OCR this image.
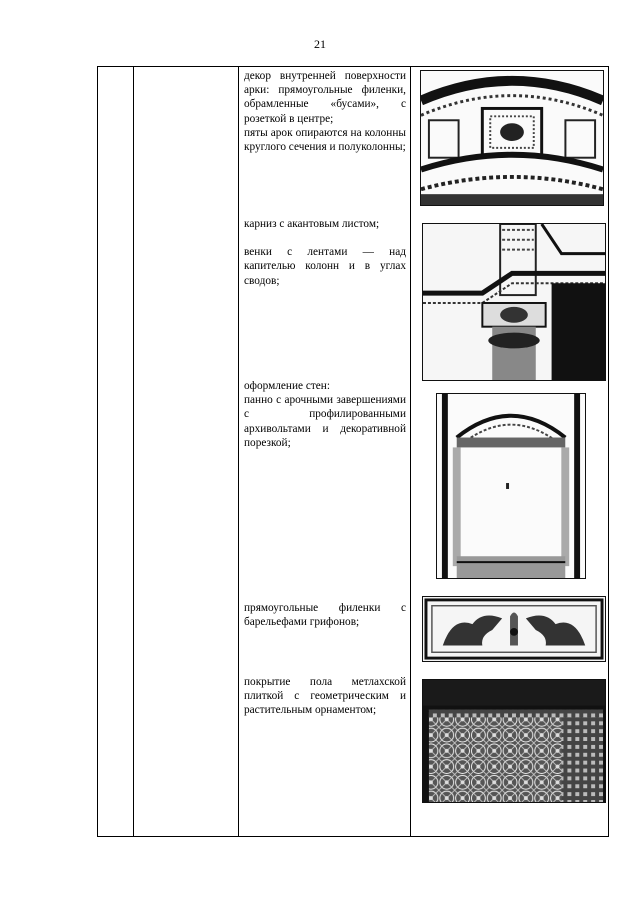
21

декор внутренней поверхности арки: прямоугольные филенки, обрамленные «бусами», с розеткой в центре;

пяты арок опираются на колонны круглого сечения и полуколонны;

карниз с акантовым листом;

венки с лентами — над капителью колонн и в углах сводов;

оформление стен:

панно с арочными завершениями с профилированными архивольтами и декоративной порезкой;

прямоугольные филенки с барельефами грифонов;

покрытие пола метлахской плиткой с геометрическим и растительным орнаментом;
